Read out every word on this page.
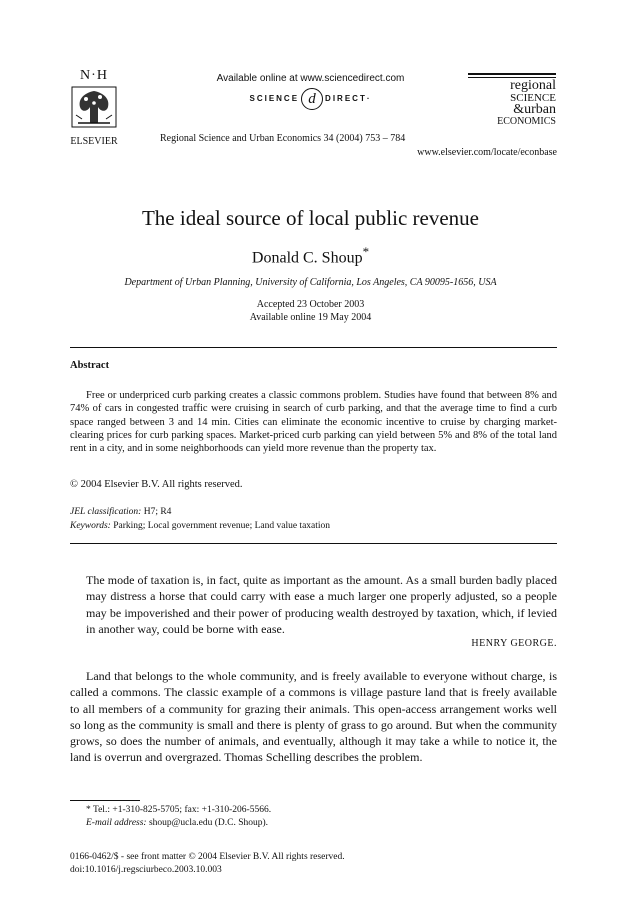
N·H
ELSEVIER
Available online at www.sciencedirect.com
SCIENCE d DIRECT·
Regional Science and Urban Economics 34 (2004) 753 – 784
www.elsevier.com/locate/econbase
regional
SCIENCE
&urban
ECONOMICS
The ideal source of local public revenue
Donald C. Shoup*
Department of Urban Planning, University of California, Los Angeles, CA 90095-1656, USA
Accepted 23 October 2003
Available online 19 May 2004
Abstract

Free or underpriced curb parking creates a classic commons problem. Studies have found that between 8% and 74% of cars in congested traffic were cruising in search of curb parking, and that the average time to find a curb space ranged between 3 and 14 min. Cities can eliminate the economic incentive to cruise by charging market-clearing prices for curb parking spaces. Market-priced curb parking can yield between 5% and 8% of the total land rent in a city, and in some neighborhoods can yield more revenue than the property tax.

© 2004 Elsevier B.V. All rights reserved.
JEL classification: H7; R4
Keywords: Parking; Local government revenue; Land value taxation
The mode of taxation is, in fact, quite as important as the amount. As a small burden badly placed may distress a horse that could carry with ease a much larger one properly adjusted, so a people may be impoverished and their power of producing wealth destroyed by taxation, which, if levied in another way, could be borne with ease.
HENRY GEORGE.

Land that belongs to the whole community, and is freely available to everyone without charge, is called a commons. The classic example of a commons is village pasture land that is freely available to all members of a community for grazing their animals. This open-access arrangement works well so long as the community is small and there is plenty of grass to go around. But when the community grows, so does the number of animals, and eventually, although it may take a while to notice it, the land is overrun and overgrazed. Thomas Schelling describes the problem.

* Tel.: +1-310-825-5705; fax: +1-310-206-5566.
E-mail address: shoup@ucla.edu (D.C. Shoup).
0166-0462/$ - see front matter © 2004 Elsevier B.V. All rights reserved.
doi:10.1016/j.regsciurbeco.2003.10.003
